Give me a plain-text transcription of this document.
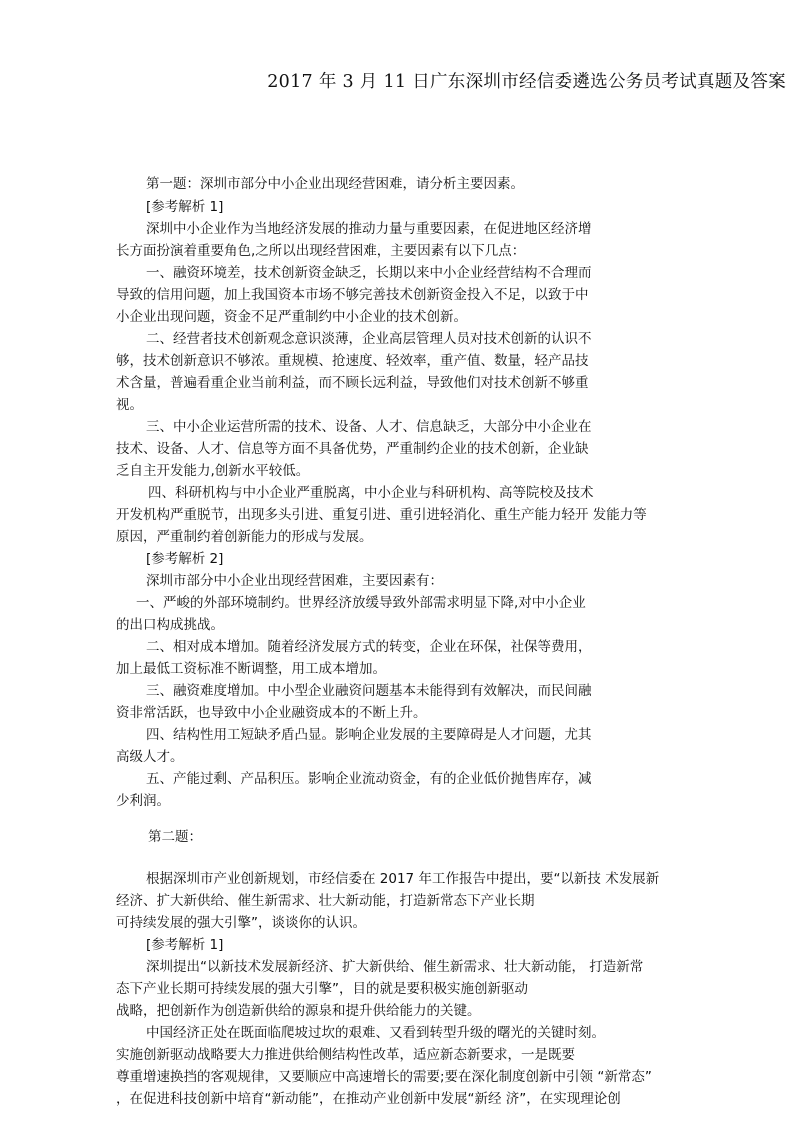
2017 年 3 月 11 日广东深圳市经信委遴选公务员考试真题及答案
第一题：深圳市部分中小企业出现经营困难，请分析主要因素。
[参考解析 1]
深圳中小企业作为当地经济发展的推动力量与重要因素，在促进地区经济增
长方面扮演着重要角色,之所以出现经营困难，主要因素有以下几点：
一、融资环境差，技术创新资金缺乏，长期以来中小企业经营结构不合理而
导致的信用问题，加上我国资本市场不够完善技术创新资金投入不足，以致于中
小企业出现问题，资金不足严重制约中小企业的技术创新。
二、经营者技术创新观念意识淡薄，企业高层管理人员对技术创新的认识不
够，技术创新意识不够浓。重规模、抢速度、轻效率，重产值、数量，轻产品技
术含量，普遍看重企业当前利益，而不顾长远利益，导致他们对技术创新不够重
视。
三、中小企业运营所需的技术、设备、人才、信息缺乏，大部分中小企业在
技术、设备、人才、信息等方面不具备优势，严重制约企业的技术创新，企业缺
乏自主开发能力,创新水平较低。
四、科研机构与中小企业严重脱离，中小企业与科研机构、高等院校及技术
开发机构严重脱节，出现多头引进、重复引进、重引进轻消化、重生产能力轻开 发能力等
原因，严重制约着创新能力的形成与发展。
[参考解析 2]
深圳市部分中小企业出现经营困难，主要因素有：
一、严峻的外部环境制约。世界经济放缓导致外部需求明显下降,对中小企业
的出口构成挑战。
二、相对成本增加。随着经济发展方式的转变，企业在环保，社保等费用，
加上最低工资标准不断调整，用工成本增加。
三、融资难度增加。中小型企业融资问题基本未能得到有效解决，而民间融
资非常活跃，也导致中小企业融资成本的不断上升。
四、结构性用工短缺矛盾凸显。影响企业发展的主要障碍是人才问题，尤其
高级人才。
五、产能过剩、产品积压。影响企业流动资金，有的企业低价抛售库存，减
少利润。
第二题：
根据深圳市产业创新规划，市经信委在 2017 年工作报告中提出，要“以新技 术发展新
经济、扩大新供给、催生新需求、壮大新动能，打造新常态下产业长期
可持续发展的强大引擎”，谈谈你的认识。
[参考解析 1]
深圳提出“以新技术发展新经济、扩大新供给、催生新需求、壮大新动能， 打造新常
态下产业长期可持续发展的强大引擎”，目的就是要积极实施创新驱动
战略，把创新作为创造新供给的源泉和提升供给能力的关键。
中国经济正处在既面临爬坡过坎的艰难、又看到转型升级的曙光的关键时刻。
实施创新驱动战略要大力推进供给侧结构性改革，适应新态新要求，一是既要
尊重增速换挡的客观规律，又要顺应中高速增长的需要;要在深化制度创新中引领 “新常态”
，在促进科技创新中培育“新动能”，在推动产业创新中发展“新经 济”，在实现理论创
